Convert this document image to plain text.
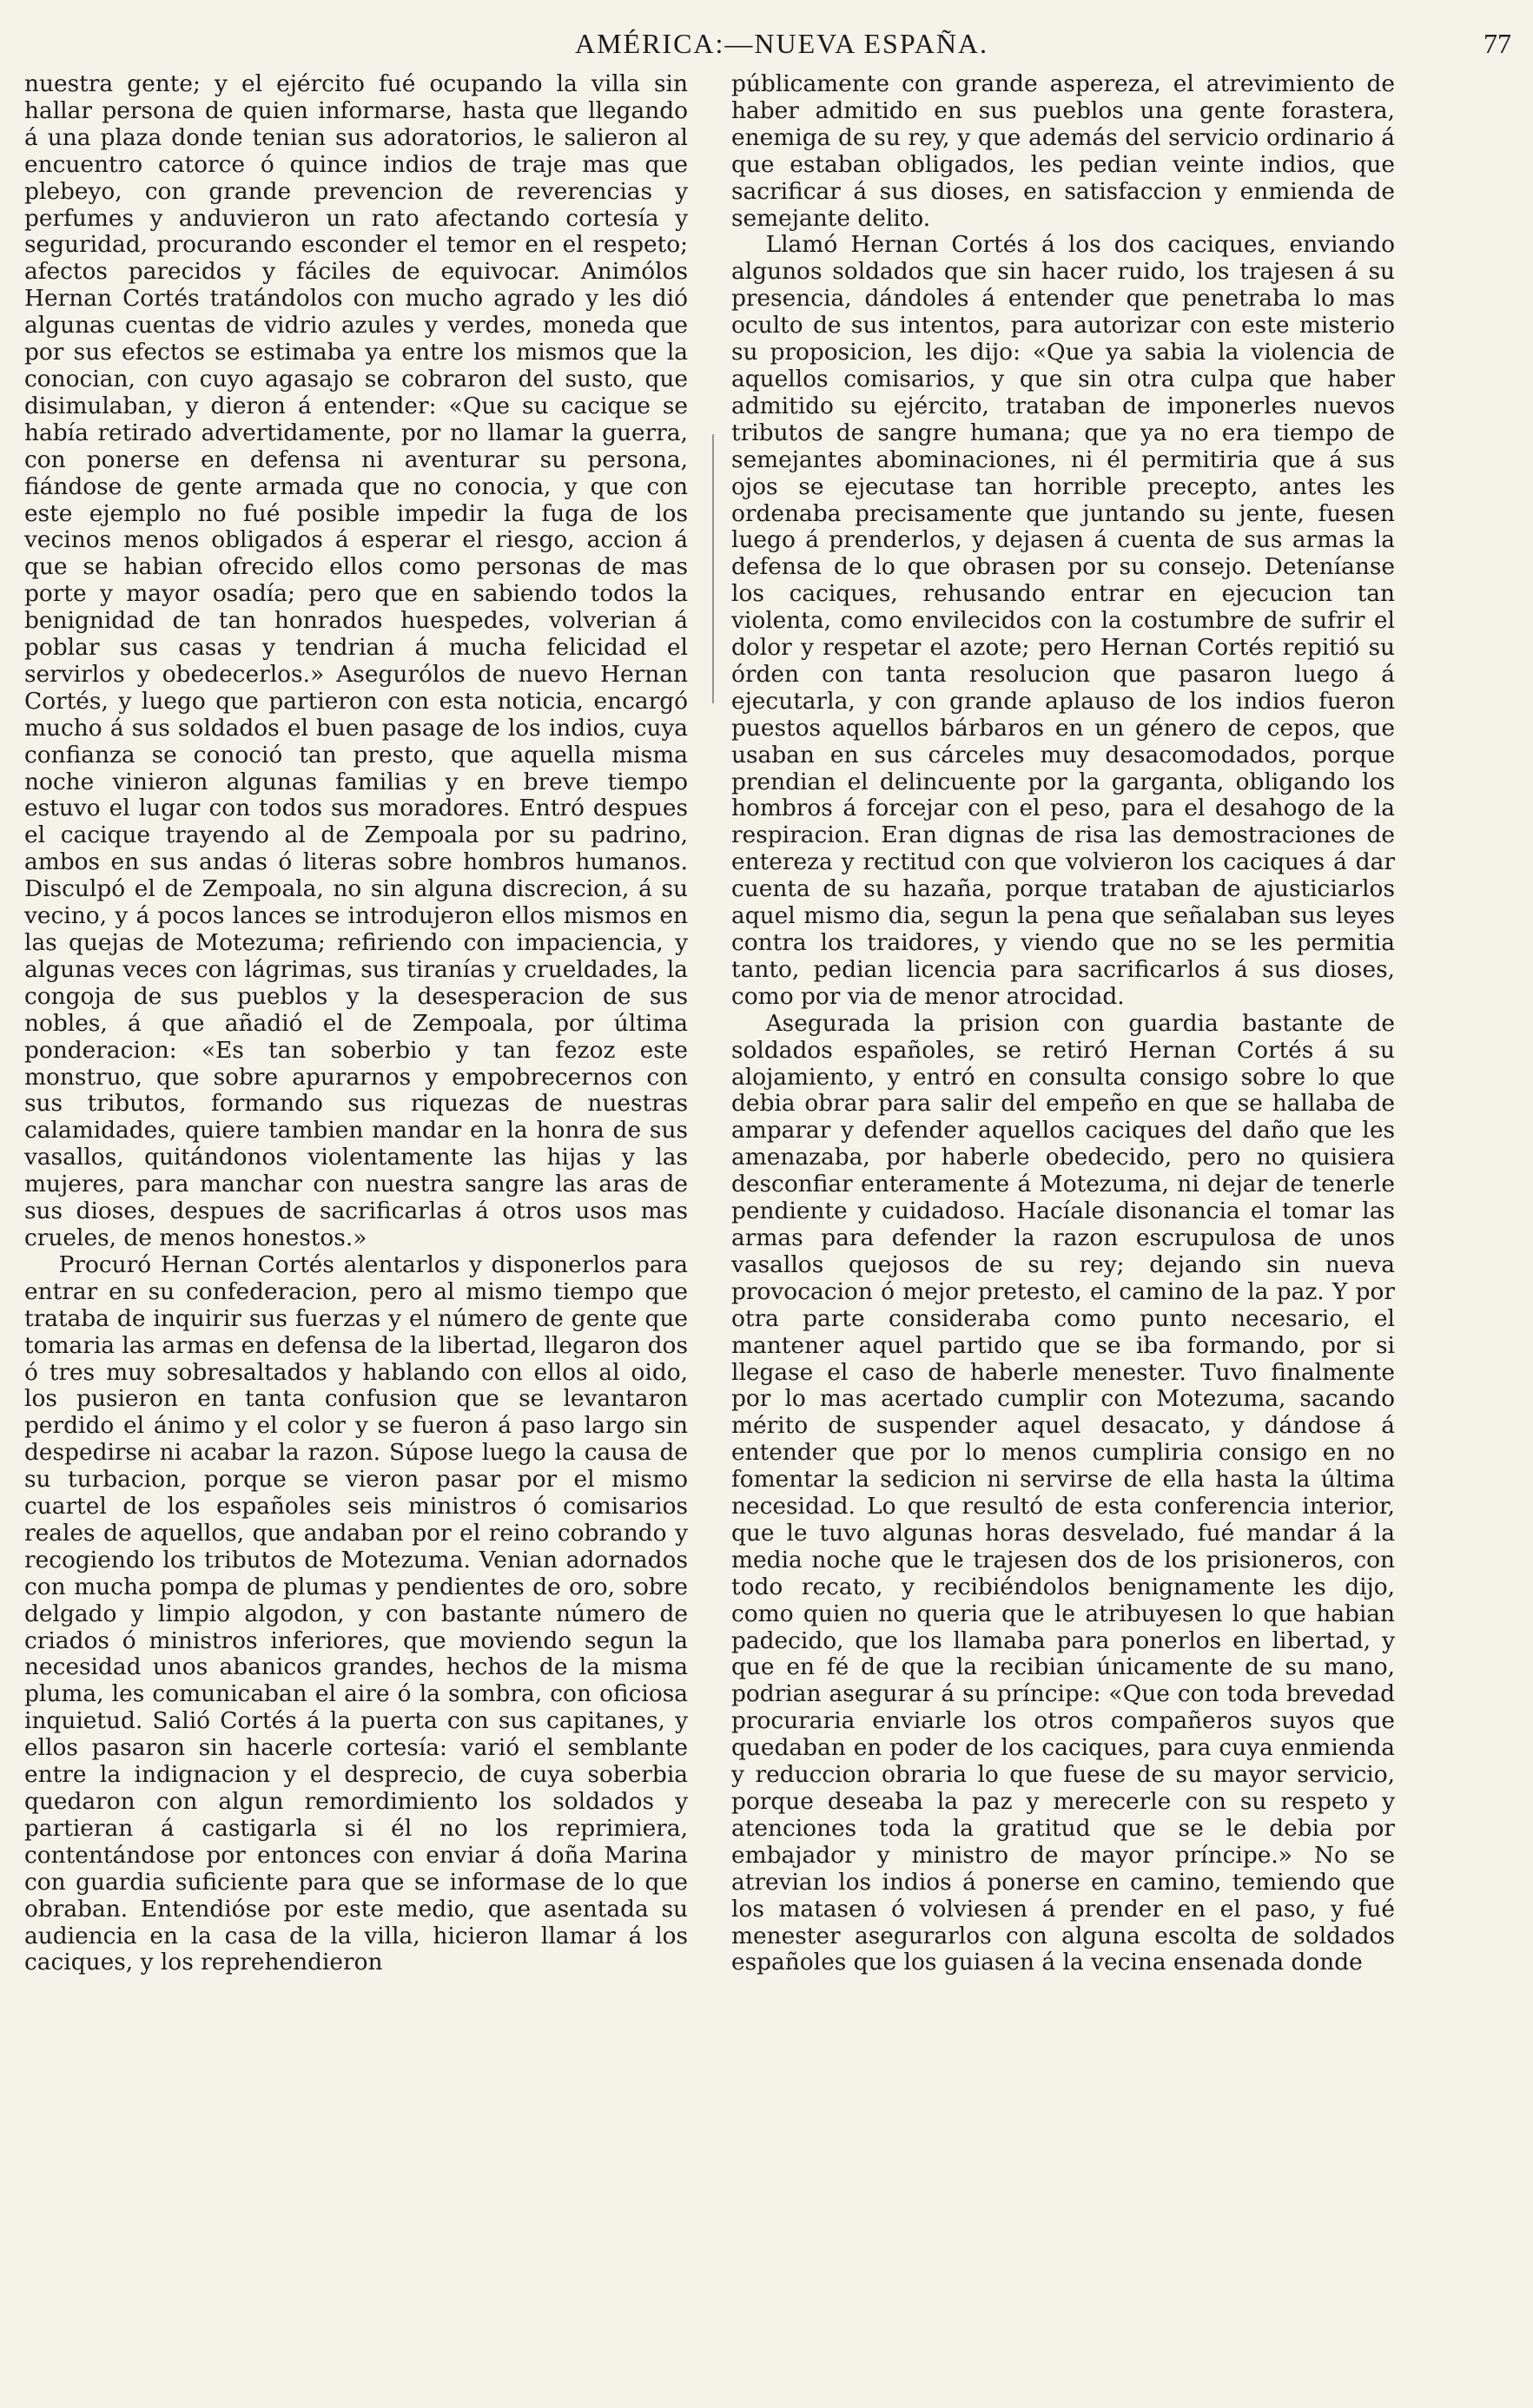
AMÉRICA:—NUEVA ESPAÑA.	77

nuestra gente; y el ejército fué ocupando la villa sin hallar persona de quien informarse, hasta que llegando á una plaza donde tenian sus adoratorios, le salieron al encuentro catorce ó quince indios de traje mas que plebeyo, con grande prevencion de reverencias y perfumes y anduvieron un rato afectando cortesía y seguridad, procurando esconder el temor en el respeto; afectos parecidos y fáciles de equivocar. Animólos Hernan Cortés tratándolos con mucho agrado y les dió algunas cuentas de vidrio azules y verdes, moneda que por sus efectos se estimaba ya entre los mismos que la conocian, con cuyo agasajo se cobraron del susto, que disimulaban, y dieron á entender: «Que su cacique se había retirado advertidamente, por no llamar la guerra, con ponerse en defensa ni aventurar su persona, fiándose de gente armada que no conocia, y que con este ejemplo no fué posible impedir la fuga de los vecinos menos obligados á esperar el riesgo, accion á que se habian ofrecido ellos como personas de mas porte y mayor osadía; pero que en sabiendo todos la benignidad de tan honrados huespedes, volverian á poblar sus casas y tendrian á mucha felicidad el servirlos y obedecerlos.» Asegurólos de nuevo Hernan Cortés, y luego que partieron con esta noticia, encargó mucho á sus soldados el buen pasage de los indios, cuya confianza se conoció tan presto, que aquella misma noche vinieron algunas familias y en breve tiempo estuvo el lugar con todos sus moradores. Entró despues el cacique trayendo al de Zempoala por su padrino, ambos en sus andas ó literas sobre hombros humanos. Disculpó el de Zempoala, no sin alguna discrecion, á su vecino, y á pocos lances se introdujeron ellos mismos en las quejas de Motezuma; refiriendo con impaciencia, y algunas veces con lágrimas, sus tiranías y crueldades, la congoja de sus pueblos y la desesperacion de sus nobles, á que añadió el de Zempoala, por última ponderacion: «Es tan soberbio y tan fezoz este monstruo, que sobre apurarnos y empobrecernos con sus tributos, formando sus riquezas de nuestras calamidades, quiere tambien mandar en la honra de sus vasallos, quitándonos violentamente las hijas y las mujeres, para manchar con nuestra sangre las aras de sus dioses, despues de sacrificarlas á otros usos mas crueles, de menos honestos.»

Procuró Hernan Cortés alentarlos y disponerlos para entrar en su confederacion, pero al mismo tiempo que trataba de inquirir sus fuerzas y el número de gente que tomaria las armas en defensa de la libertad, llegaron dos ó tres muy sobresaltados y hablando con ellos al oido, los pusieron en tanta confusion que se levantaron perdido el ánimo y el color y se fueron á paso largo sin despedirse ni acabar la razon. Súpose luego la causa de su turbacion, porque se vieron pasar por el mismo cuartel de los españoles seis ministros ó comisarios reales de aquellos, que andaban por el reino cobrando y recogiendo los tributos de Motezuma. Venian adornados con mucha pompa de plumas y pendientes de oro, sobre delgado y limpio algodon, y con bastante número de criados ó ministros inferiores, que moviendo segun la necesidad unos abanicos grandes, hechos de la misma pluma, les comunicaban el aire ó la sombra, con oficiosa inquietud. Salió Cortés á la puerta con sus capitanes, y ellos pasaron sin hacerle cortesía: varió el semblante entre la indignacion y el desprecio, de cuya soberbia quedaron con algun remordimiento los soldados y partieran á castigarla si él no los reprimiera, contentándose por entonces con enviar á doña Marina con guardia suficiente para que se informase de lo que obraban. Entendióse por este medio, que asentada su audiencia en la casa de la villa, hicieron llamar á los caciques, y los reprehendieron

públicamente con grande aspereza, el atrevimiento de haber admitido en sus pueblos una gente forastera, enemiga de su rey, y que además del servicio ordinario á que estaban obligados, les pedian veinte indios, que sacrificar á sus dioses, en satisfaccion y enmienda de semejante delito.

Llamó Hernan Cortés á los dos caciques, enviando algunos soldados que sin hacer ruido, los trajesen á su presencia, dándoles á entender que penetraba lo mas oculto de sus intentos, para autorizar con este misterio su proposicion, les dijo: «Que ya sabia la violencia de aquellos comisarios, y que sin otra culpa que haber admitido su ejército, trataban de imponerles nuevos tributos de sangre humana; que ya no era tiempo de semejantes abominaciones, ni él permitiria que á sus ojos se ejecutase tan horrible precepto, antes les ordenaba precisamente que juntando su jente, fuesen luego á prenderlos, y dejasen á cuenta de sus armas la defensa de lo que obrasen por su consejo. Deteníanse los caciques, rehusando entrar en ejecucion tan violenta, como envilecidos con la costumbre de sufrir el dolor y respetar el azote; pero Hernan Cortés repitió su órden con tanta resolucion que pasaron luego á ejecutarla, y con grande aplauso de los indios fueron puestos aquellos bárbaros en un género de cepos, que usaban en sus cárceles muy desacomodados, porque prendian el delincuente por la garganta, obligando los hombros á forcejar con el peso, para el desahogo de la respiracion. Eran dignas de risa las demostraciones de entereza y rectitud con que volvieron los caciques á dar cuenta de su hazaña, porque trataban de ajusticiarlos aquel mismo dia, segun la pena que señalaban sus leyes contra los traidores, y viendo que no se les permitia tanto, pedian licencia para sacrificarlos á sus dioses, como por via de menor atrocidad.

Asegurada la prision con guardia bastante de soldados españoles, se retiró Hernan Cortés á su alojamiento, y entró en consulta consigo sobre lo que debia obrar para salir del empeño en que se hallaba de amparar y defender aquellos caciques del daño que les amenazaba, por haberle obedecido, pero no quisiera desconfiar enteramente á Motezuma, ni dejar de tenerle pendiente y cuidadoso. Hacíale disonancia el tomar las armas para defender la razon escrupulosa de unos vasallos quejosos de su rey; dejando sin nueva provocacion ó mejor pretesto, el camino de la paz. Y por otra parte consideraba como punto necesario, el mantener aquel partido que se iba formando, por si llegase el caso de haberle menester. Tuvo finalmente por lo mas acertado cumplir con Motezuma, sacando mérito de suspender aquel desacato, y dándose á entender que por lo menos cumpliria consigo en no fomentar la sedicion ni servirse de ella hasta la última necesidad. Lo que resultó de esta conferencia interior, que le tuvo algunas horas desvelado, fué mandar á la media noche que le trajesen dos de los prisioneros, con todo recato, y recibiéndolos benignamente les dijo, como quien no queria que le atribuyesen lo que habian padecido, que los llamaba para ponerlos en libertad, y que en fé de que la recibian únicamente de su mano, podrian asegurar á su príncipe: «Que con toda brevedad procuraria enviarle los otros compañeros suyos que quedaban en poder de los caciques, para cuya enmienda y reduccion obraria lo que fuese de su mayor servicio, porque deseaba la paz y merecerle con su respeto y atenciones toda la gratitud que se le debia por embajador y ministro de mayor príncipe.» No se atrevian los indios á ponerse en camino, temiendo que los matasen ó volviesen á prender en el paso, y fué menester asegurarlos con alguna escolta de soldados españoles que los guiasen á la vecina ensenada donde
